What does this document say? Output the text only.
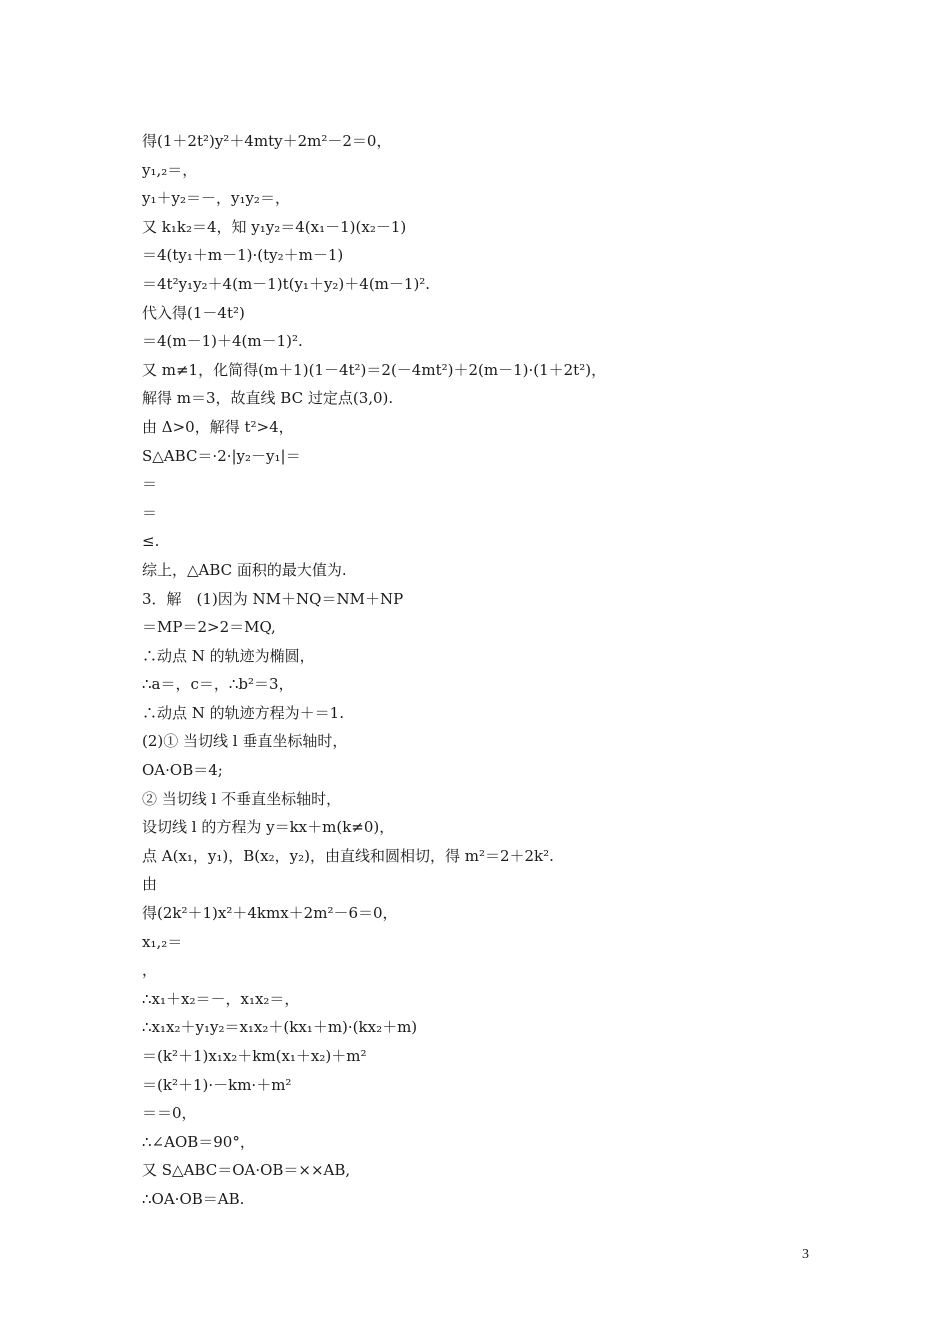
得(1＋2t²)y²＋4mty＋2m²－2＝0，
y₁,₂＝，
y₁＋y₂＝－，y₁y₂＝，
又 k₁k₂＝4，知 y₁y₂＝4(x₁－1)(x₂－1)
＝4(ty₁＋m－1)·(ty₂＋m－1)
＝4t²y₁y₂＋4(m－1)t(y₁＋y₂)＋4(m－1)².
代入得(1－4t²)
＝4(m－1)＋4(m－1)².
又 m≠1，化简得(m＋1)(1－4t²)＝2(－4mt²)＋2(m－1)·(1＋2t²)，
解得 m＝3，故直线 BC 过定点(3,0).
由 Δ>0，解得 t²>4，
S△ABC＝·2·|y₂－y₁|＝
＝
＝
≤.
综上，△ABC 面积的最大值为.
3．解　(1)因为 NM＋NQ＝NM＋NP
＝MP＝2>2＝MQ,
∴动点 N 的轨迹为椭圆，
∴a＝，c＝，∴b²＝3，
∴动点 N 的轨迹方程为＋＝1.
(2)① 当切线 l 垂直坐标轴时，
OA·OB＝4;
② 当切线 l 不垂直坐标轴时，
设切线 l 的方程为 y＝kx＋m(k≠0)，
点 A(x₁，y₁)，B(x₂，y₂)，由直线和圆相切，得 m²＝2＋2k².
由
得(2k²＋1)x²＋4kmx＋2m²－6＝0，
x₁,₂＝
，
∴x₁＋x₂＝－，x₁x₂＝，
∴x₁x₂＋y₁y₂＝x₁x₂＋(kx₁＋m)·(kx₂＋m)
＝(k²＋1)x₁x₂＋km(x₁＋x₂)＋m²
＝(k²＋1)·－km·＋m²
＝＝0，
∴∠AOB＝90°，
又 S△ABC＝OA·OB＝××AB,
∴OA·OB＝AB.
3
